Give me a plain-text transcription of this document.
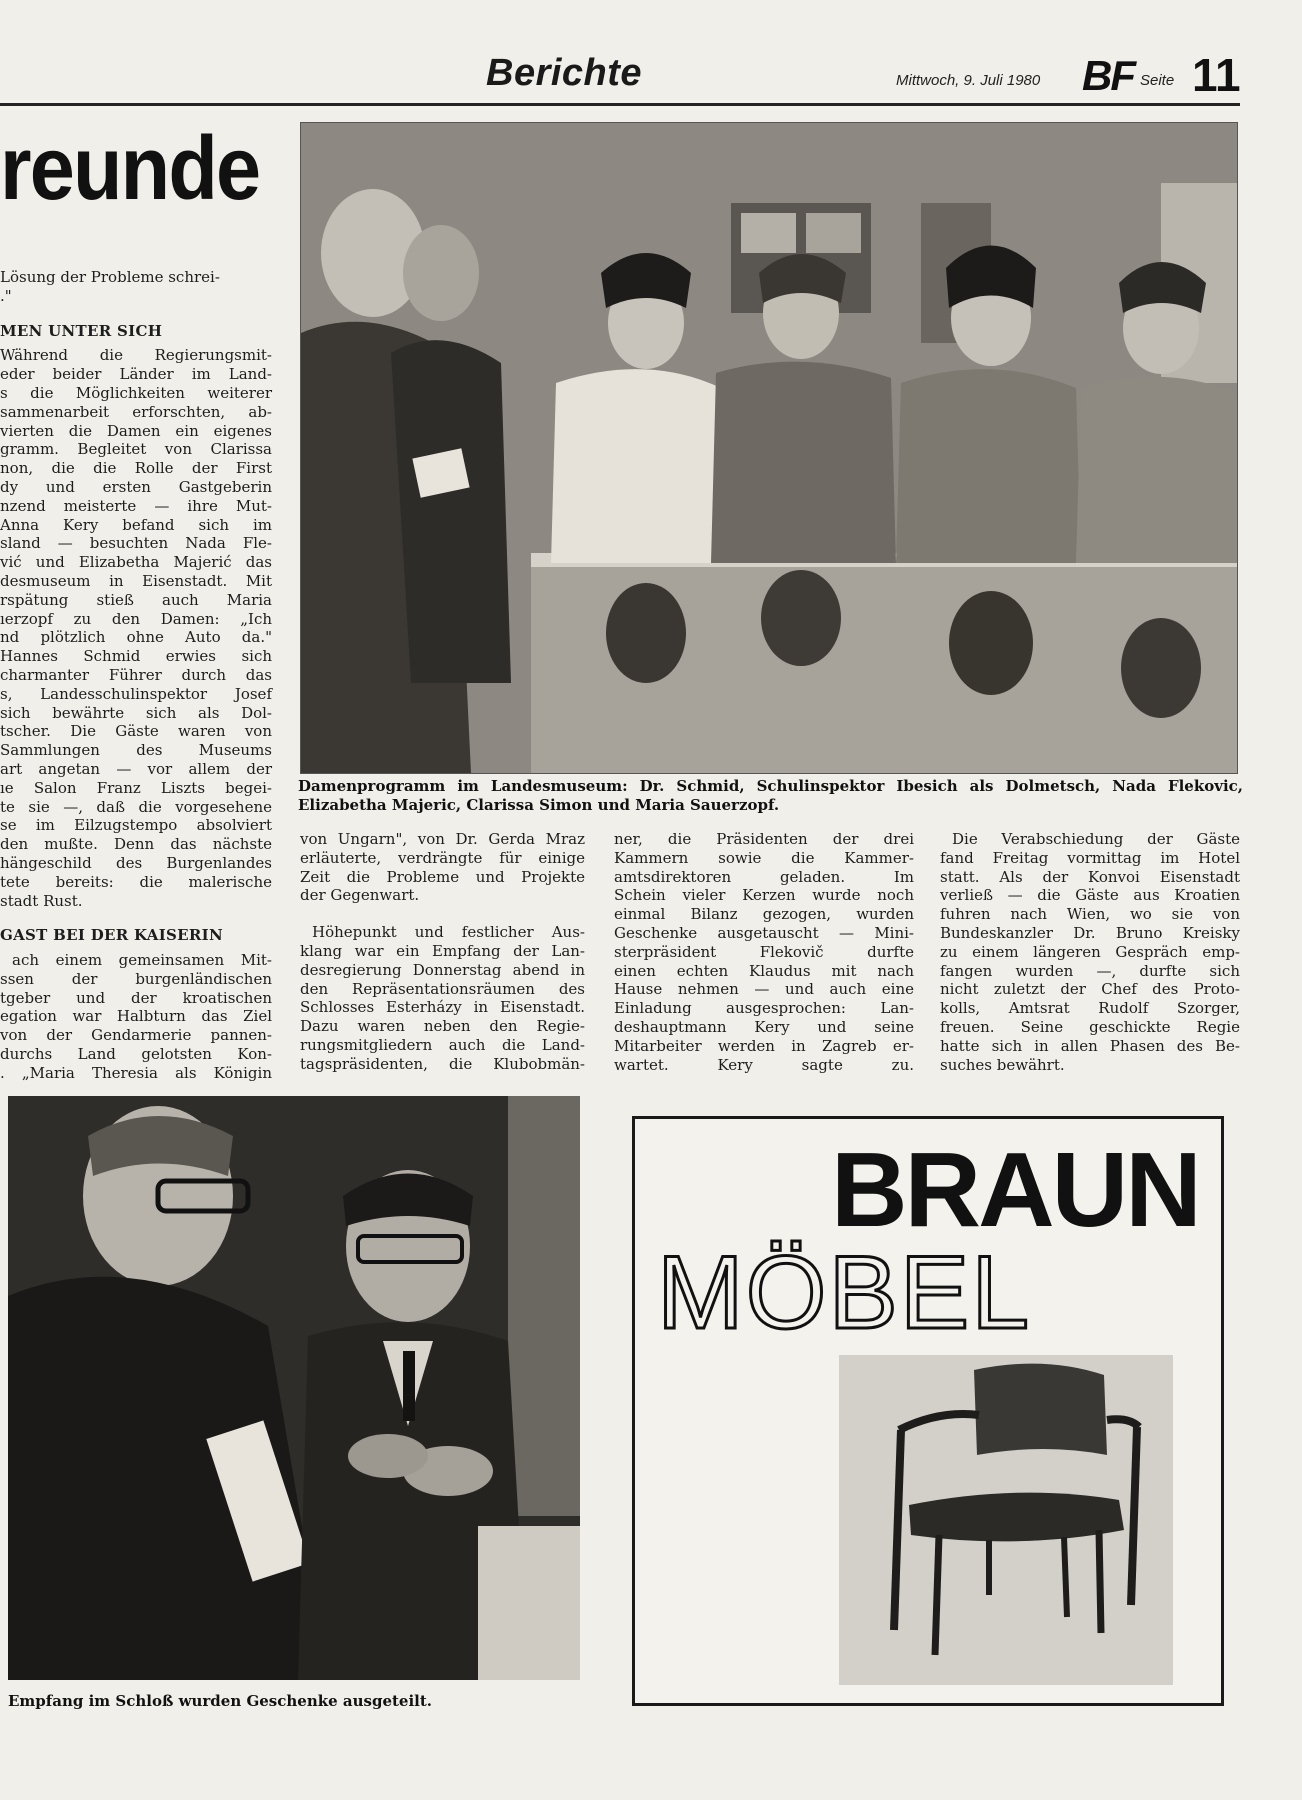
Berichte	Mittwoch, 9. Juli 1980 BF Seite 11
reunde

Lösung der Probleme schrei-
."

MEN UNTER SICH
Während die Regierungsmit-
eder beider Länder im Land-
s die Möglichkeiten weiterer
sammenarbeit erforschten, ab-
vierten die Damen ein eigenes
gramm. Begleitet von Clarissa
non, die die Rolle der First
dy und ersten Gastgeberin
nzend meisterte — ihre Mut-
Anna Kery befand sich im
sland — besuchten Nada Fle-
vić und Elizabetha Majerić das
desmuseum in Eisenstadt. Mit
rspätung stieß auch Maria
ıerzopf zu den Damen: „Ich
nd plötzlich ohne Auto da."
Hannes Schmid erwies sich
charmanter Führer durch das
s, Landesschulinspektor Josef
sich bewährte sich als Dol-
tscher. Die Gäste waren von
Sammlungen des Museums
art angetan — vor allem der
ıe Salon Franz Liszts begei-
te sie —, daß die vorgesehene
se im Eilzugstempo absolviert
den mußte. Denn das nächste
hängeschild des Burgenlandes
tete bereits: die malerische
stadt Rust.
GAST BEI DER KAISERIN
ach einem gemeinsamen Mit-
ssen der burgenländischen
tgeber und der kroatischen
egation war Halbturn das Ziel
von der Gendarmerie pannen-
durchs Land gelotsten Kon-
. „Maria Theresia als Königin
Damenprogramm im Landesmuseum: Dr. Schmid, Schulinspektor Ibesich als Dolmetsch, Nada Flekovic, Elizabetha Majeric, Clarissa Simon und Maria Sauerzopf.
von Ungarn", von Dr. Gerda Mraz
erläuterte, verdrängte für einige
Zeit die Probleme und Projekte
der Gegenwart.
Höhepunkt und festlicher Aus-
klang war ein Empfang der Lan-
desregierung Donnerstag abend in
den Repräsentationsräumen des
Schlosses Esterházy in Eisenstadt.
Dazu waren neben den Regie-
rungsmitgliedern auch die Land-
tagspräsidenten, die Klubobmän-
ner, die Präsidenten der drei
Kammern sowie die Kammer-
amtsdirektoren geladen. Im
Schein vieler Kerzen wurde noch
einmal Bilanz gezogen, wurden
Geschenke ausgetauscht — Mini-
sterpräsident Flekovič durfte
einen echten Klaudus mit nach
Hause nehmen — und auch eine
Einladung ausgesprochen: Lan-
deshauptmann Kery und seine
Mitarbeiter werden in Zagreb er-
wartet. Kery sagte zu.
Die Verabschiedung der Gäste
fand Freitag vormittag im Hotel
statt. Als der Konvoi Eisenstadt
verließ — die Gäste aus Kroatien
fuhren nach Wien, wo sie von
Bundeskanzler Dr. Bruno Kreisky
zu einem längeren Gespräch emp-
fangen wurden —, durfte sich
nicht zuletzt der Chef des Proto-
kolls, Amtsrat Rudolf Szorger,
freuen. Seine geschickte Regie
hatte sich in allen Phasen des Be-
suches bewährt.
Empfang im Schloß wurden Geschenke ausgeteilt.
BRAUN
MÖBEL
